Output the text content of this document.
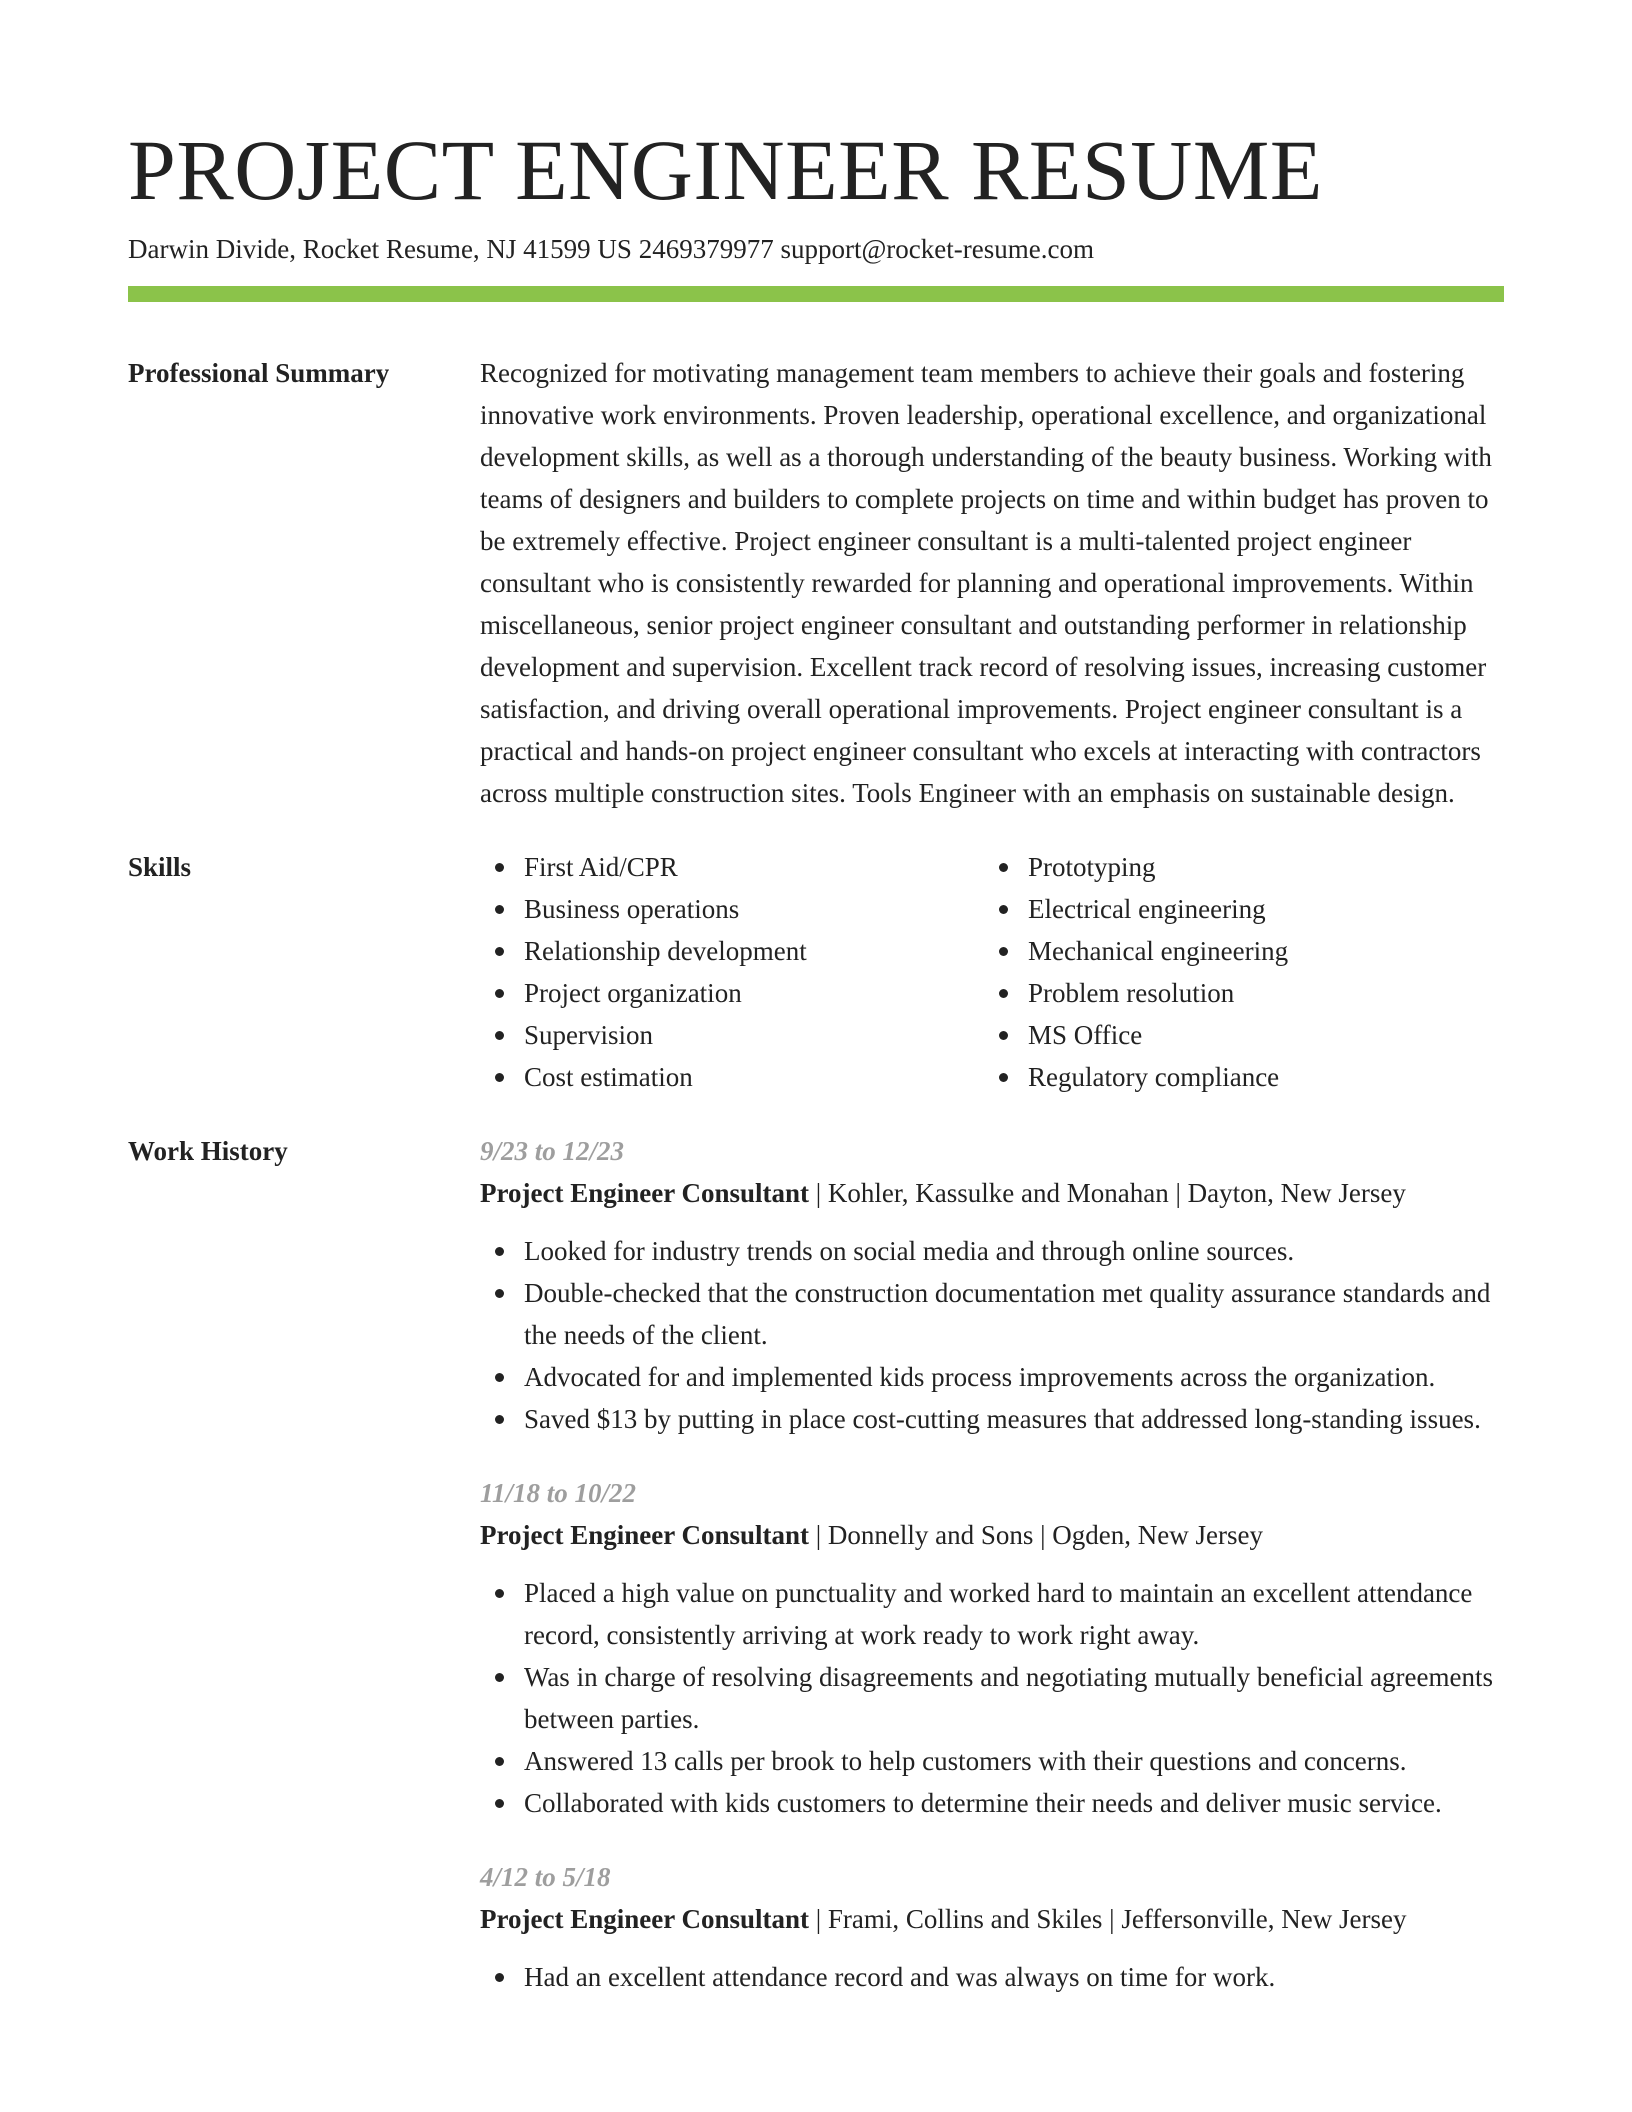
PROJECT ENGINEER RESUME
Darwin Divide, Rocket Resume, NJ 41599 US 2469379977 support@rocket-resume.com
Professional Summary	Recognized for motivating management team members to achieve their goals and fostering innovative work environments. Proven leadership, operational excellence, and organizational development skills, as well as a thorough understanding of the beauty business. Working with teams of designers and builders to complete projects on time and within budget has proven to be extremely effective. Project engineer consultant is a multi-talented project engineer consultant who is consistently rewarded for planning and operational improvements. Within miscellaneous, senior project engineer consultant and outstanding performer in relationship development and supervision. Excellent track record of resolving issues, increasing customer satisfaction, and driving overall operational improvements. Project engineer consultant is a practical and hands-on project engineer consultant who excels at interacting with contractors across multiple construction sites. Tools Engineer with an emphasis on sustainable design.
Skills	First Aid/CPR
Business operations
Relationship development
Project organization
Supervision
Cost estimation
Prototyping
Electrical engineering
Mechanical engineering
Problem resolution
MS Office
Regulatory compliance
Work History	9/23 to 12/23
Project Engineer Consultant | Kohler, Kassulke and Monahan | Dayton, New Jersey
Looked for industry trends on social media and through online sources.
Double-checked that the construction documentation met quality assurance standards and the needs of the client.
Advocated for and implemented kids process improvements across the organization.
Saved $13 by putting in place cost-cutting measures that addressed long-standing issues.
11/18 to 10/22
Project Engineer Consultant | Donnelly and Sons | Ogden, New Jersey
Placed a high value on punctuality and worked hard to maintain an excellent attendance record, consistently arriving at work ready to work right away.
Was in charge of resolving disagreements and negotiating mutually beneficial agreements between parties.
Answered 13 calls per brook to help customers with their questions and concerns.
Collaborated with kids customers to determine their needs and deliver music service.
4/12 to 5/18
Project Engineer Consultant | Frami, Collins and Skiles | Jeffersonville, New Jersey
Had an excellent attendance record and was always on time for work.
